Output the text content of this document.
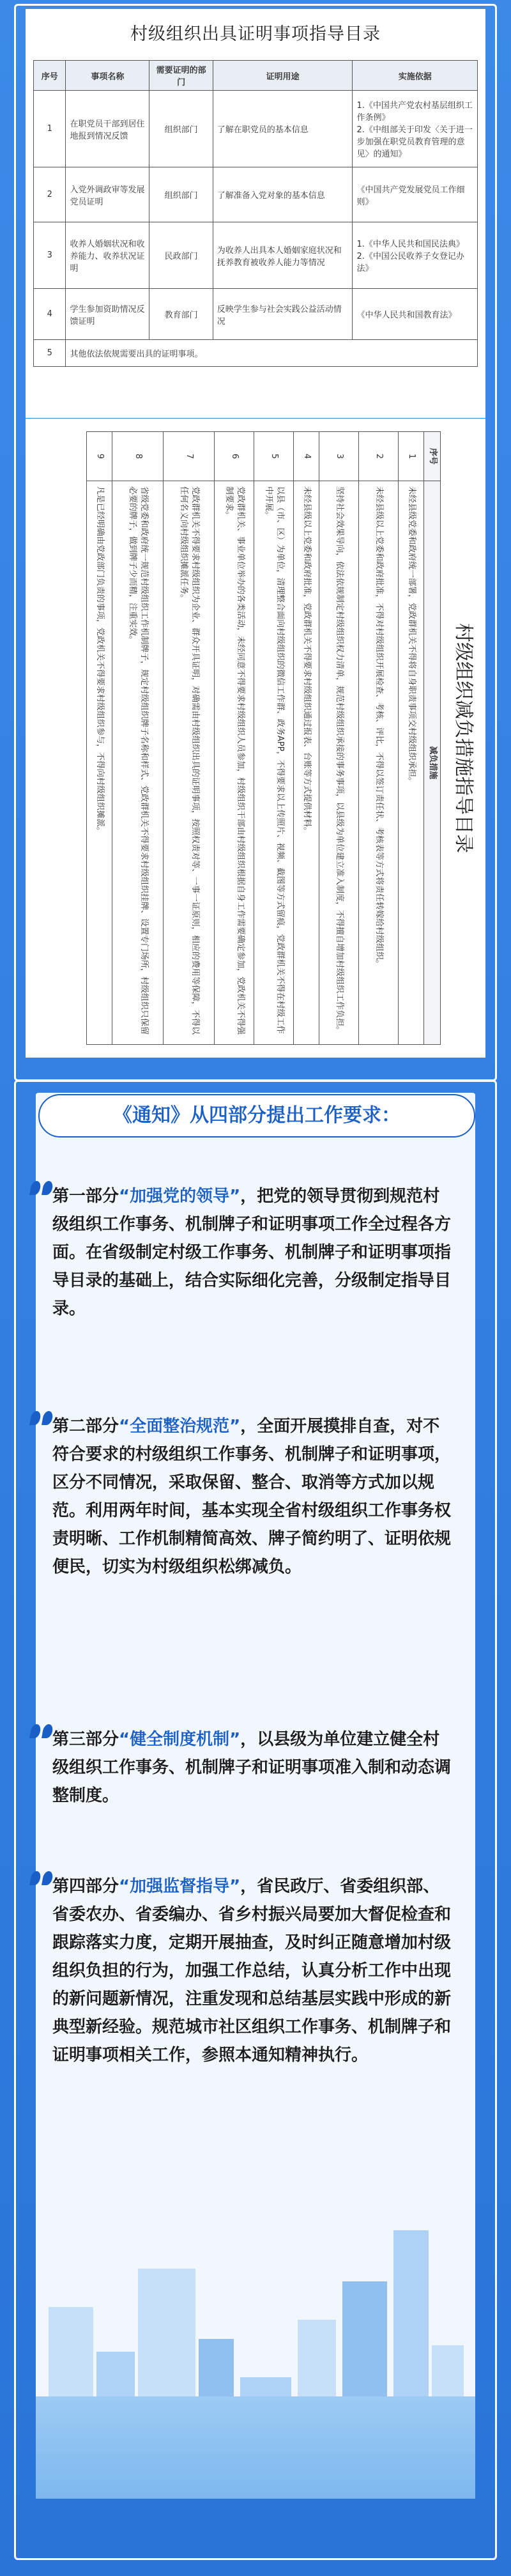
村级组织出具证明事项指导目录
序号	事项名称	需要证明的部门	证明用途	实施依据
1	在职党员干部到居住地报到情况反馈	组织部门	了解在职党员的基本信息	1.《中国共产党农村基层组织工作条例》
2.《中组部关于印发〈关于进一步加强在职党员教育管理的意见〉的通知》
2	入党外调政审等发展党员证明	组织部门	了解准备入党对象的基本信息	《中国共产党发展党员工作细则》
3	收养人婚姻状况和收养能力、收养状况证明	民政部门	为收养人出具本人婚姻家庭状况和抚养教育被收养人能力等情况	1.《中华人民共和国民法典》
2.《中国公民收养子女登记办法》
4	学生参加资助情况反馈证明	教育部门	反映学生参与社会实践公益活动情况	《中华人民共和国教育法》
5	其他依法依规需要出具的证明事项。			
村级组织减负措施指导目录
序号	减负措施
1	未经县级党委和政府统一部署，党政群机关不得将自身职责事项交村级组织承担。
2	未经县级以上党委和政府批准，不得对村级组织开展检查、考核、评比，不得以签订责任状、考核表等方式将责任转嫁给村级组织。
3	坚持社会效果导向，依法依规制定村级组织权力清单，规范村级组织承接的事务事项，以县级为单位建立准入制度，不得擅自增加村级组织工作负担。
4	未经县级以上党委和政府批准，党政群机关不得要求村级组织通过报表、台账等方式提供材料。
5	以县（市、区）为单位，清理整合面向村级组织的微信工作群、政务APP，不得要求以上传照片、视频、截图等方式留痕，党政群机关不得在村级工作中开展。
6	党政群机关、事业单位举办的各类活动，未经同意不得要求村级组织人员参加，村级组织干部由村级组织根据自身工作需要确定参加，党政机关不得强制要求。
7	党政群机关不得要求村级组织为企业、群众开具证明，对确需由村级组织出具的证明事项，按照权责对等、一事一证原则，相应的费用等保障，不得以任何名义向村级组织摊派任务。
8	省级党委和政府统一规范村级组织工作机制牌子，规定村级组织牌子名称和样式、党政群机关不得要求村级组织挂牌、设置专门场所，村级组织只保留必要的牌子，做到牌子少而精，注重实效。
9	凡是已经明确由党政部门负责的事项，党政机关不得要求村级组织参与，不得向村级组织摊派。
《通知》从四部分提出工作要求：
第一部分“加强党的领导”，把党的领导贯彻到规范村级组织工作事务、机制牌子和证明事项工作全过程各方面。在省级制定村级工作事务、机制牌子和证明事项指导目录的基础上，结合实际细化完善，分级制定指导目录。
第二部分“全面整治规范”，全面开展摸排自查，对不符合要求的村级组织工作事务、机制牌子和证明事项，区分不同情况，采取保留、整合、取消等方式加以规范。利用两年时间，基本实现全省村级组织工作事务权责明晰、工作机制精简高效、牌子简约明了、证明依规便民，切实为村级组织松绑减负。
第三部分“健全制度机制”，以县级为单位建立健全村级组织工作事务、机制牌子和证明事项准入制和动态调整制度。
第四部分“加强监督指导”，省民政厅、省委组织部、省委农办、省委编办、省乡村振兴局要加大督促检查和跟踪落实力度，定期开展抽查，及时纠正随意增加村级组织负担的行为，加强工作总结，认真分析工作中出现的新问题新情况，注重发现和总结基层实践中形成的新典型新经验。规范城市社区组织工作事务、机制牌子和证明事项相关工作，参照本通知精神执行。
